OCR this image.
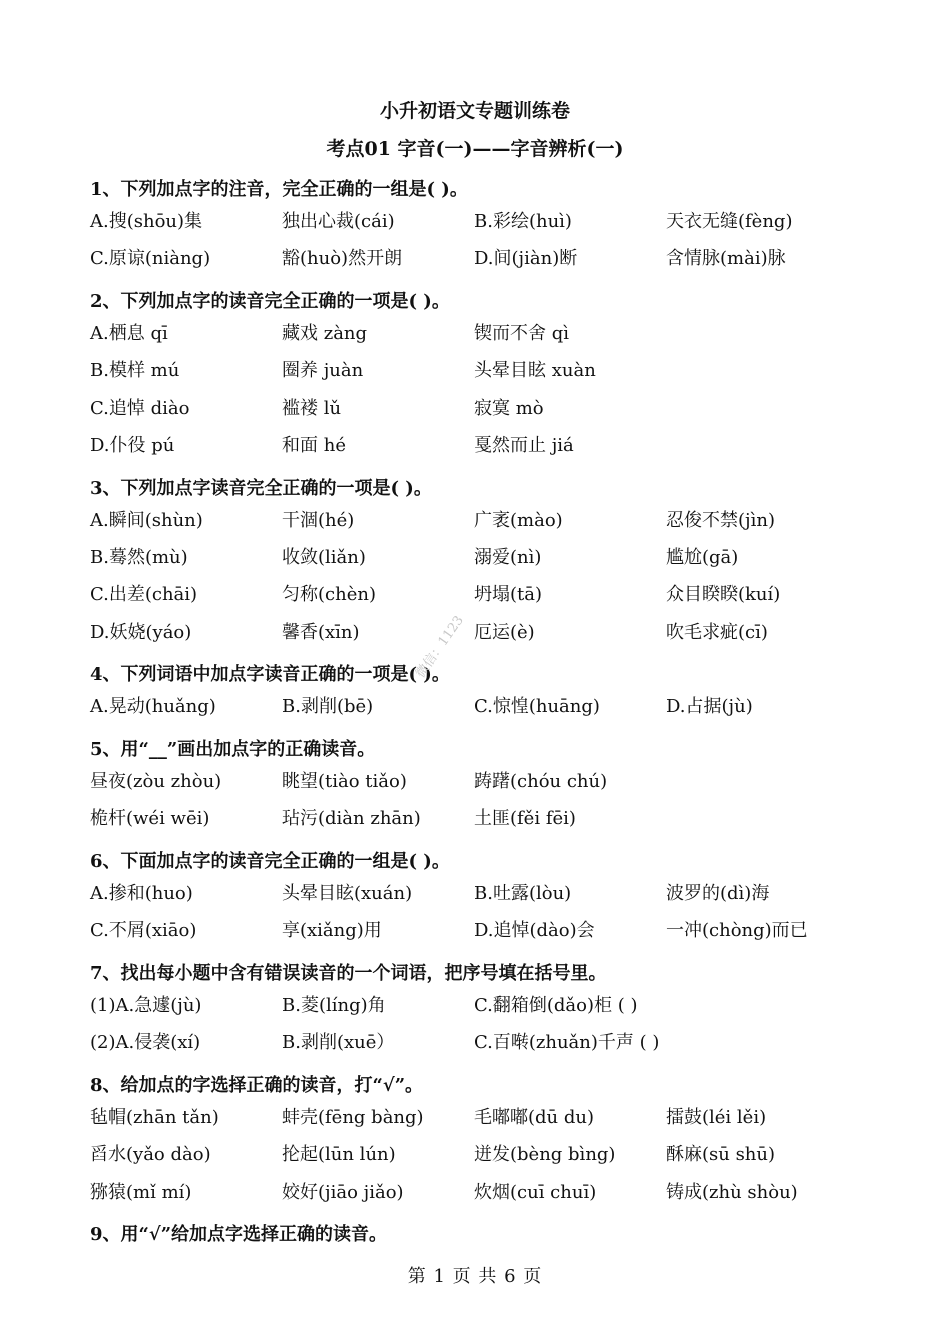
小升初语文专题训练卷
考点01 字音(一)——字音辨析(一)
1、下列加点字的注音，完全正确的一组是( )。
A.搜(shōu)集	独出心裁(cái)	B.彩绘(huì)	天衣无缝(fèng)
C.原谅(niàng)	豁(huò)然开朗	D.间(jiàn)断	含情脉(mài)脉
2、下列加点字的读音完全正确的一项是( )。
A.栖息 qī	藏戏 zàng	锲而不舍 qì
B.模样 mú	圈养 juàn	头晕目眩 xuàn
C.追悼 diào	褴褛 lǔ	寂寞 mò
D.仆役 pú	和面 hé	戛然而止 jiá
3、下列加点字读音完全正确的一项是( )。
A.瞬间(shùn)	干涸(hé)	广袤(mào)	忍俊不禁(jìn)
B.蓦然(mù)	收敛(liǎn)	溺爱(nì)	尴尬(gā)
C.出差(chāi)	匀称(chèn)	坍塌(tā)	众目睽睽(kuí)
D.妖娆(yáo)	馨香(xīn)	厄运(è)	吹毛求疵(cī)
4、下列词语中加点字读音正确的一项是( )。
A.晃动(huǎng)	B.剥削(bē)	C.惊惶(huāng)	D.占据(jù)
5、用“__”画出加点字的正确读音。
昼夜(zòu zhòu)	眺望(tiào tiǎo)	踌躇(chóu chú)
桅杆(wéi wēi)	玷污(diàn zhān)	土匪(fěi fēi)
6、下面加点字的读音完全正确的一组是( )。
A.掺和(huo)	头晕目眩(xuán)	B.吐露(lòu)	波罗的(dì)海
C.不屑(xiāo)	享(xiǎng)用	D.追悼(dào)会	一冲(chòng)而已
7、找出每小题中含有错误读音的一个词语，把序号填在括号里。
(1)A.急遽(jù)	B.菱(líng)角	C.翻箱倒(dǎo)柜 ( )
(2)A.侵袭(xí)	B.剥削(xuē）	C.百啭(zhuǎn)千声 ( )
8、给加点的字选择正确的读音，打“√”。
毡帽(zhān tǎn)	蚌壳(fēng bàng)	毛嘟嘟(dū du)	擂鼓(léi lěi)
舀水(yǎo dào)	抡起(lūn lún)	迸发(bèng bìng)	酥麻(sū shū)
猕猿(mǐ mí)	姣好(jiāo jiǎo)	炊烟(cuī chuī)	铸成(zhù shòu)
9、用“√”给加点字选择正确的读音。
微信：1123
第 1 页 共 6 页
